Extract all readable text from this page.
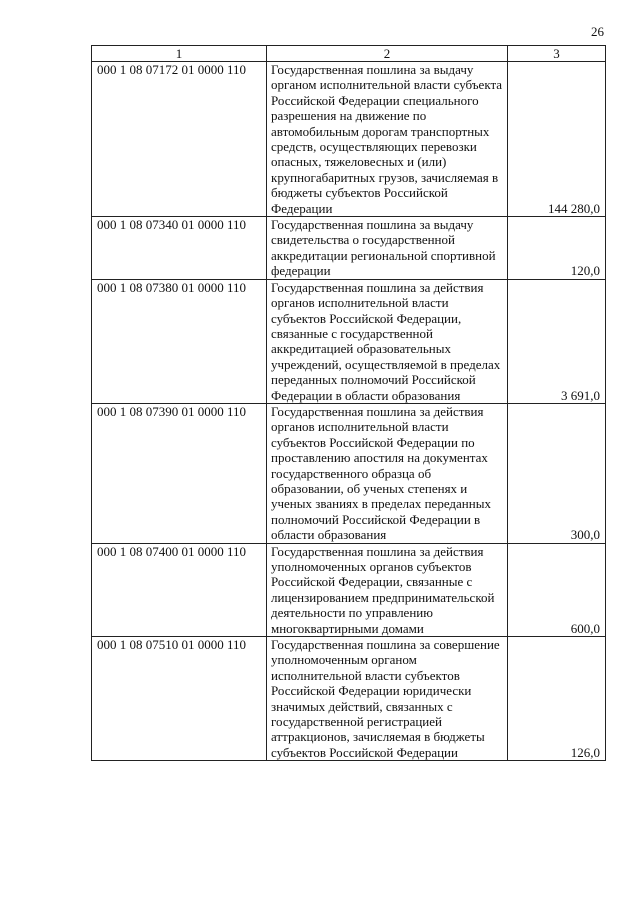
26
1	2	3
000 1 08 07172 01 0000 110	Государственная пошлина за выдачу органом исполнительной власти субъекта Российской Федерации специального разрешения на движение по автомобильным дорогам транспортных средств, осуществляющих перевозки опасных, тяжеловесных и (или) крупногабаритных грузов, зачисляемая в бюджеты субъектов Российской Федерации	144 280,0
000 1 08 07340 01 0000 110	Государственная пошлина за выдачу свидетельства о государственной аккредитации региональной спортивной федерации	120,0
000 1 08 07380 01 0000 110	Государственная пошлина за действия органов исполнительной власти субъектов Российской Федерации, связанные с государственной аккредитацией образовательных учреждений, осуществляемой в пределах переданных полномочий Российской Федерации в области образования	3 691,0
000 1 08 07390 01 0000 110	Государственная пошлина за действия органов исполнительной власти субъектов Российской Федерации по проставлению апостиля на документах государственного образца об образовании, об ученых степенях и ученых званиях в пределах переданных полномочий Российской Федерации в области образования	300,0
000 1 08 07400 01 0000 110	Государственная пошлина за действия уполномоченных органов субъектов Российской Федерации, связанные с лицензированием предпринимательской деятельности по управлению многоквартирными домами	600,0
000 1 08 07510 01 0000 110	Государственная пошлина за совершение уполномоченным органом исполнительной власти субъектов Российской Федерации юридически значимых действий, связанных с государственной регистрацией аттракционов, зачисляемая в бюджеты субъектов Российской Федерации	126,0
